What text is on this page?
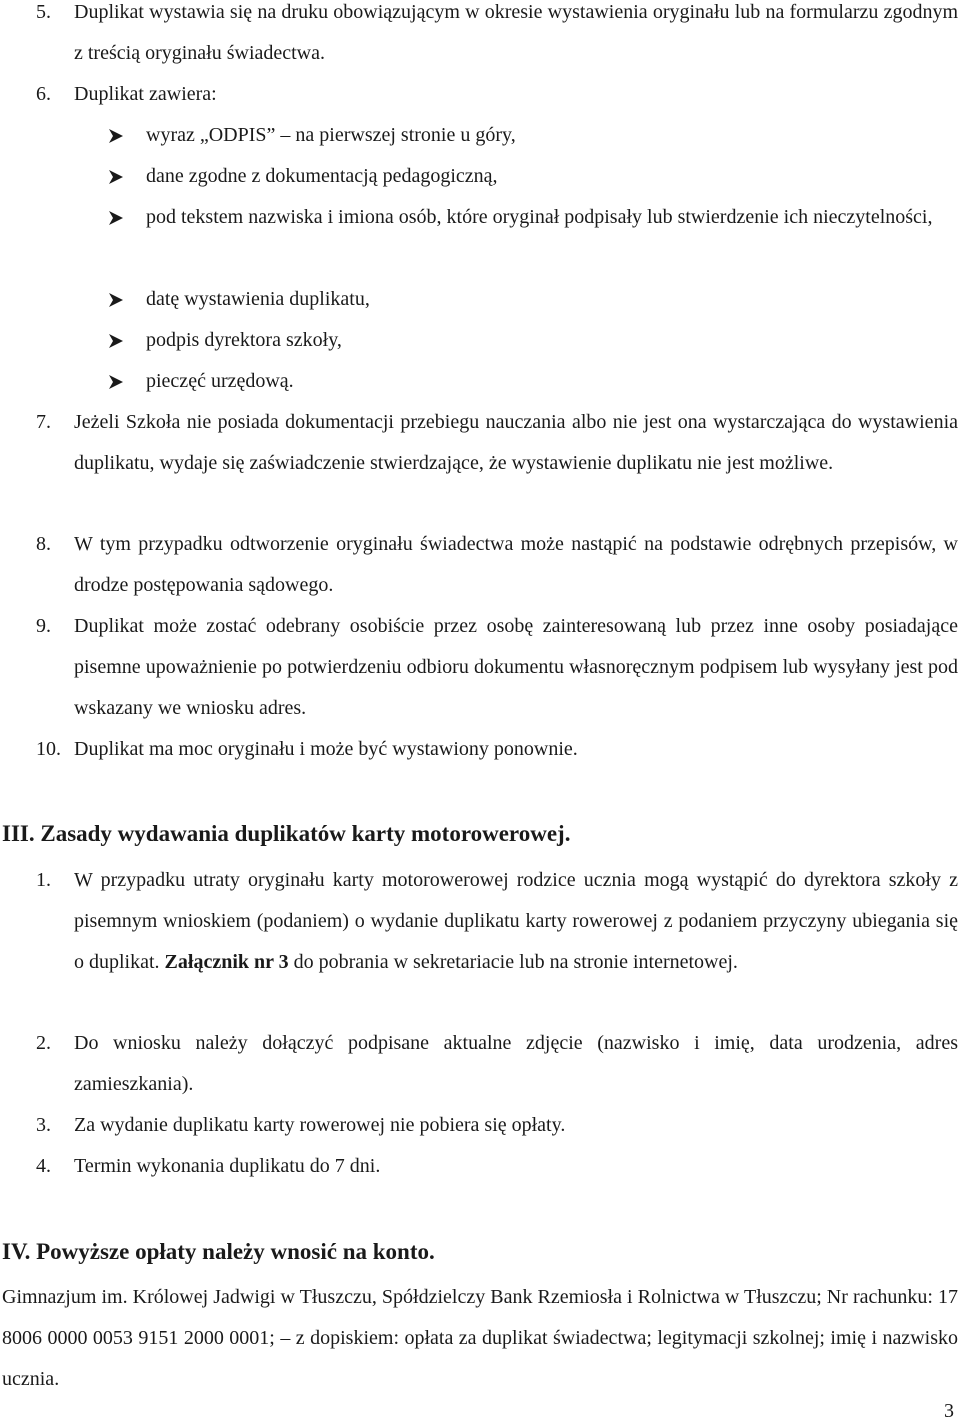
5. Duplikat wystawia się na druku obowiązującym w okresie wystawienia oryginału lub na formularzu zgodnym z treścią oryginału świadectwa.
6. Duplikat zawiera:
wyraz „ODPIS” – na pierwszej stronie u góry,
dane zgodne z dokumentacją pedagogiczną,
pod tekstem nazwiska i imiona osób, które oryginał podpisały lub stwierdzenie ich nieczytelności,
datę wystawienia duplikatu,
podpis dyrektora szkoły,
pieczęć urzędową.
7. Jeżeli Szkoła nie posiada dokumentacji przebiegu nauczania albo nie jest ona wystarczająca do wystawienia duplikatu, wydaje się zaświadczenie stwierdzające, że wystawienie duplikatu nie jest możliwe.
8. W tym przypadku odtworzenie oryginału świadectwa może nastąpić na podstawie odrębnych przepisów, w drodze postępowania sądowego.
9. Duplikat może zostać odebrany osobiście przez osobę zainteresowaną lub przez inne osoby posiadające pisemne upoważnienie po potwierdzeniu odbioru dokumentu własnoręcznym podpisem lub wysyłany jest pod wskazany we wniosku adres.
10. Duplikat ma moc oryginału i może być wystawiony ponownie.
III. Zasady wydawania duplikatów karty motorowerowej.
1. W przypadku utraty oryginału karty motorowerowej rodzice ucznia mogą wystąpić do dyrektora szkoły z pisemnym wnioskiem (podaniem) o wydanie duplikatu karty rowerowej z podaniem przyczyny ubiegania się o duplikat. Załącznik nr 3 do pobrania w sekretariacie lub na stronie internetowej.
2. Do wniosku należy dołączyć podpisane aktualne zdjęcie (nazwisko i imię, data urodzenia, adres zamieszkania).
3. Za wydanie duplikatu karty rowerowej nie pobiera się opłaty.
4. Termin wykonania duplikatu do 7 dni.
IV. Powyższe opłaty należy wnosić na konto.
Gimnazjum im. Królowej Jadwigi w Tłuszczu, Spółdzielczy Bank Rzemiosła i Rolnictwa w Tłuszczu; Nr rachunku: 17 8006 0000 0053 9151 2000 0001; – z dopiskiem: opłata za duplikat świadectwa; legitymacji szkolnej; imię i nazwisko ucznia.
3
